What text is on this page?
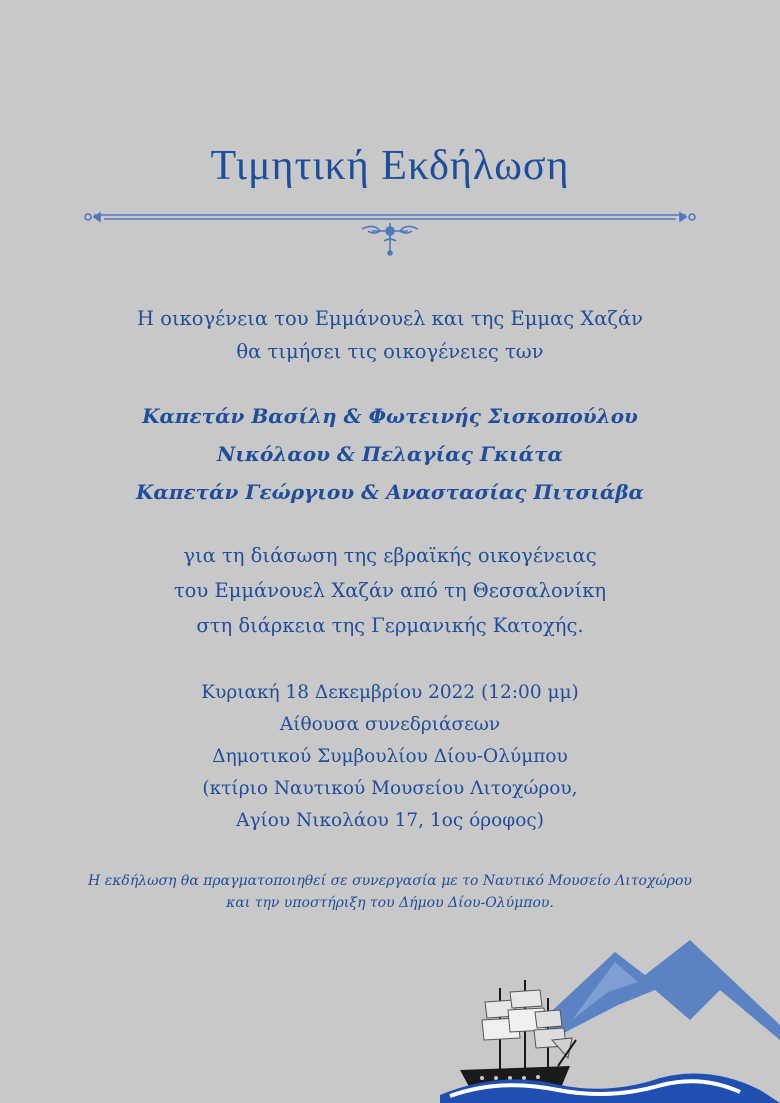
Τιμητική Εκδήλωση
Η οικογένεια του Εμμάνουελ και της Εμμας Χαζάν
θα τιμήσει τις οικογένειες των
Καπετάν Βασίλη & Φωτεινής Σισκοπούλου
Νικόλαου & Πελαγίας Γκιάτα
Καπετάν Γεώργιου & Αναστασίας Πιτσιάβα
για τη διάσωση της εβραϊκής οικογένειας
του Εμμάνουελ Χαζάν από τη Θεσσαλονίκη
στη διάρκεια της Γερμανικής Κατοχής.
Κυριακή 18 Δεκεμβρίου 2022 (12:00 μμ)
Αίθουσα συνεδριάσεων
Δημοτικού Συμβουλίου Δίου-Ολύμπου
(κτίριο Ναυτικού Μουσείου Λιτοχώρου,
Αγίου Νικολάου 17, 1ος όροφος)
Η εκδήλωση θα πραγματοποιηθεί σε συνεργασία με το Ναυτικό Μουσείο Λιτοχώρου
και την υποστήριξη του Δήμου Δίου-Ολύμπου.
